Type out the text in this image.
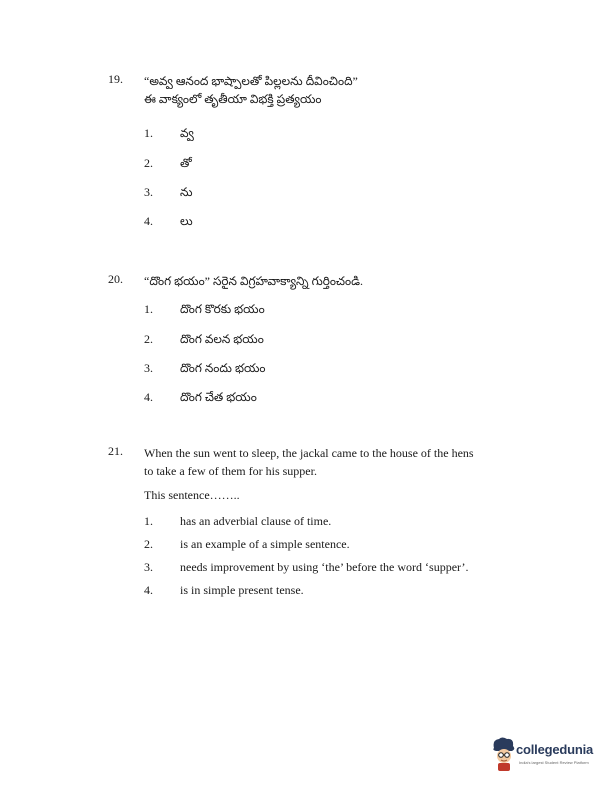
19.	“అవ్వ ఆనంద భాష్పాలతో పిల్లలను దీవించింది”
ఈ వాక్యంలో తృతీయా విభక్తి ప్రత్యయం
1. వ్వ
2. తో
3. ను
4. లు
20.	“దొంగ భయం” సరైన విగ్రహవాక్యాన్ని గుర్తించండి.
1. దొంగ కొరకు భయం
2. దొంగ వలన భయం
3. దొంగ నందు భయం
4. దొంగ చేత భయం
21.	When the sun went to sleep, the jackal came to the house of the hens
to take a few of them for his supper.
This sentence……..
1. has an adverbial clause of time.
2. is an example of a simple sentence.
3. needs improvement by using ‘the’ before the word ‘supper’.
4. is in simple present tense.
collegedunia
India's largest Student Review Platform
